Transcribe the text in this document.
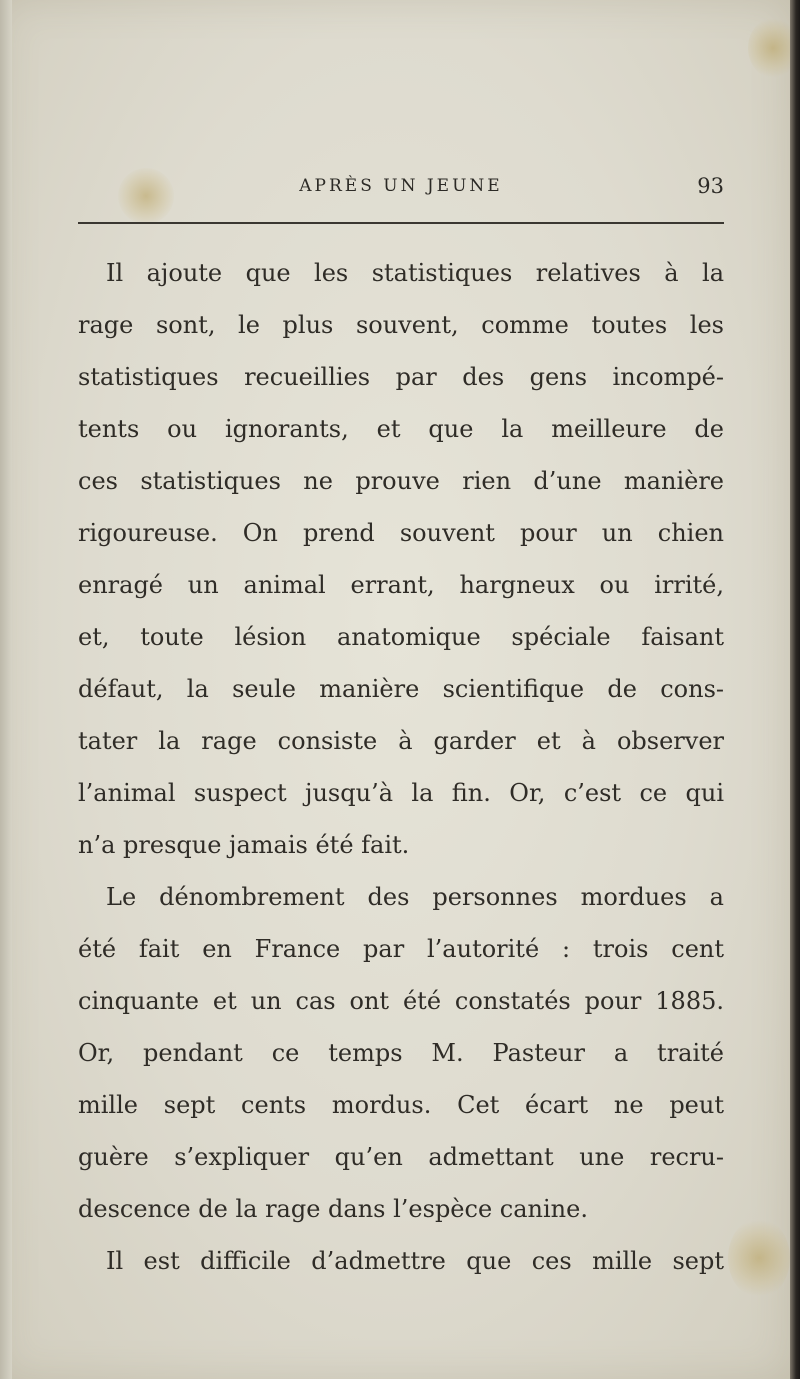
APRÈS UN JEUNE	93
Il ajoute que les statistiques relatives à la
rage sont, le plus souvent, comme toutes les
statistiques recueillies par des gens incompé-
tents ou ignorants, et que la meilleure de
ces statistiques ne prouve rien d’une manière
rigoureuse. On prend souvent pour un chien
enragé un animal errant, hargneux ou irrité,
et, toute lésion anatomique spéciale faisant
défaut, la seule manière scientifique de cons-
tater la rage consiste à garder et à observer
l’animal suspect jusqu’à la fin. Or, c’est ce qui
n’a presque jamais été fait.
Le dénombrement des personnes mordues a
été fait en France par l’autorité : trois cent
cinquante et un cas ont été constatés pour 1885.
Or, pendant ce temps M. Pasteur a traité
mille sept cents mordus. Cet écart ne peut
guère s’expliquer qu’en admettant une recru-
descence de la rage dans l’espèce canine.
Il est difficile d’admettre que ces mille sept
